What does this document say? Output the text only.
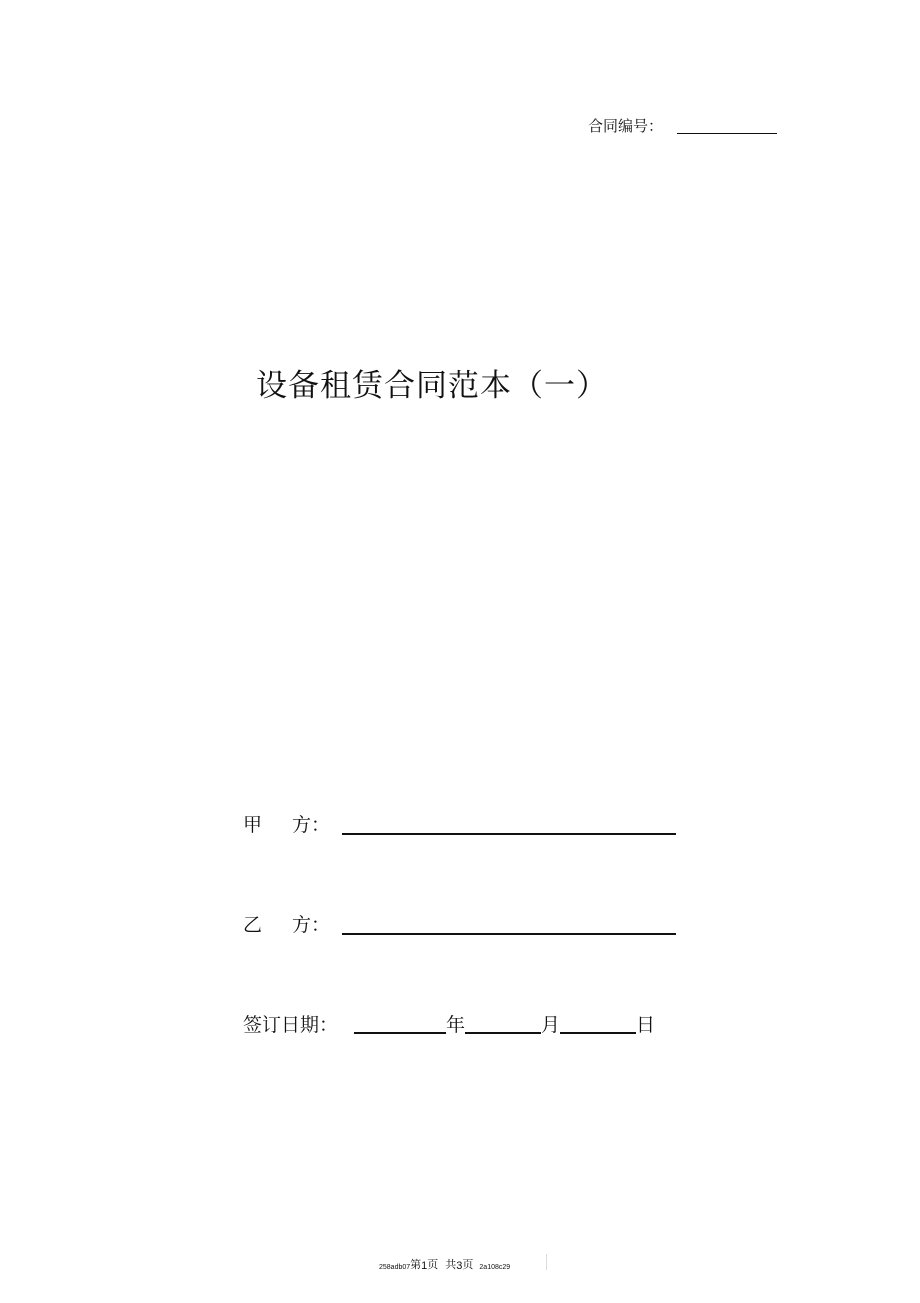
合同编号：
设备租赁合同范本（一）
甲 方：
乙 方：
签订日期：	年	月	日
258adb07 第 1 页  共 3 页 2a108c29
